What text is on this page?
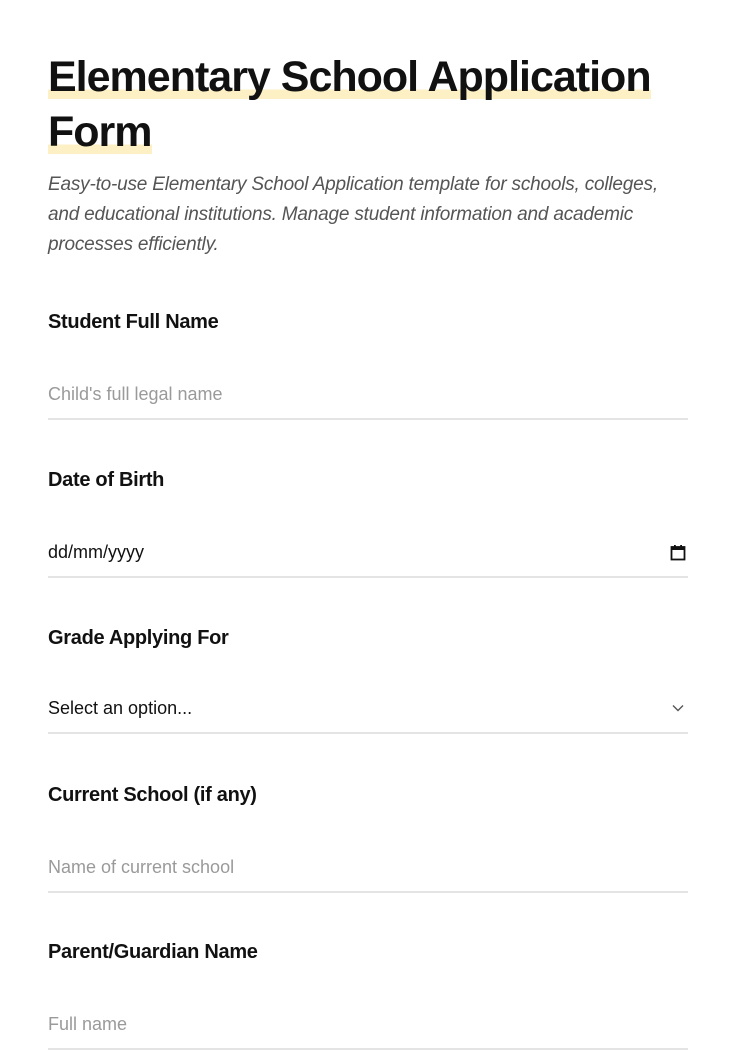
Elementary School Application Form

Easy-to-use Elementary School Application template for schools, colleges, and educational institutions. Manage student information and academic processes efficiently.

Student Full Name
Child's full legal name
Date of Birth
dd/mm/yyyy
Grade Applying For
Select an option...
Current School (if any)
Name of current school
Parent/Guardian Name
Full name
